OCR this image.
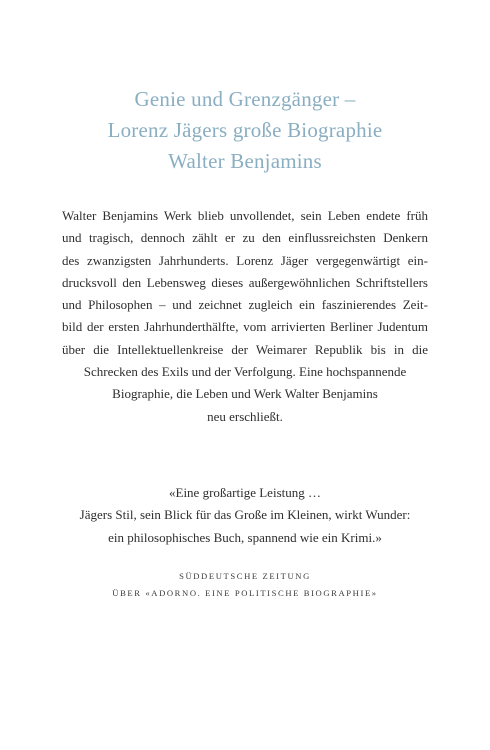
Genie und Grenzgänger –
Lorenz Jägers große Biographie
Walter Benjamins
Walter Benjamins Werk blieb unvollendet, sein Leben endete früh
und tragisch, dennoch zählt er zu den einflussreichsten Denkern
des zwanzigsten Jahrhunderts. Lorenz Jäger vergegenwärtigt ein-
drucksvoll den Lebensweg dieses außergewöhnlichen Schriftstellers
und Philosophen – und zeichnet zugleich ein faszinierendes Zeit-
bild der ersten Jahrhunderthälfte, vom arrivierten Berliner Judentum
über die Intellektuellenkreise der Weimarer Republik bis in die
Schrecken des Exils und der Verfolgung. Eine hochspannende
Biographie, die Leben und Werk Walter Benjamins
neu erschließt.
«Eine großartige Leistung …
Jägers Stil, sein Blick für das Große im Kleinen, wirkt Wunder:
ein philosophisches Buch, spannend wie ein Krimi.»
SÜDDEUTSCHE ZEITUNG
ÜBER «ADORNO. EINE POLITISCHE BIOGRAPHIE»
